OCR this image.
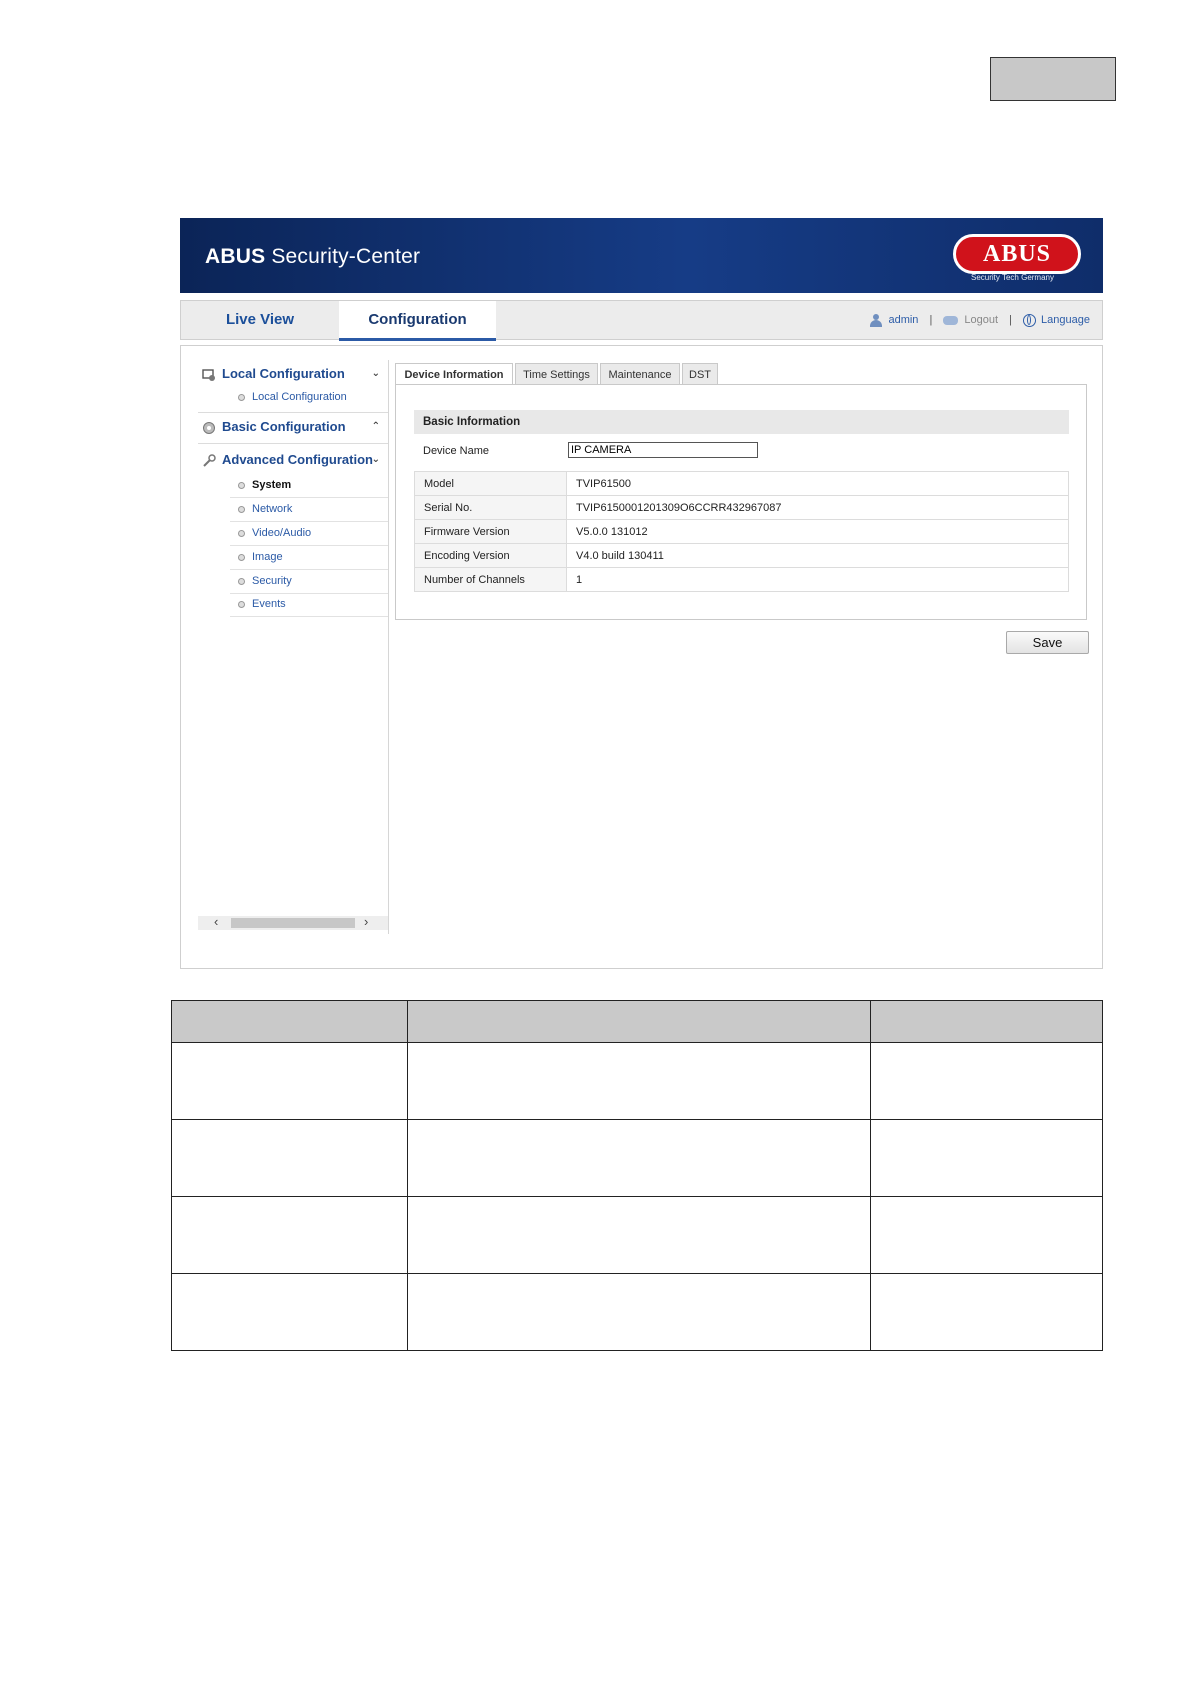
ABUS Security-Center	ABUS
Security Tech Germany
Live View	Configuration	admin |	Logout |	Language
Local Configuration	⌄
Local Configuration
Basic Configuration	⌃
Advanced Configuration
⌄
System
Network
Video/Audio
Image
Security
Events
‹	›
Device Information	Time Settings	Maintenance	DST
Basic Information
Device Name
IP CAMERA
Model	TVIP61500
Serial No.	TVIP6150001201309O6CCRR432967087
Firmware Version	V5.0.0 131012
Encoding Version	V4.0 build 130411
Number of Channels	1
Save
